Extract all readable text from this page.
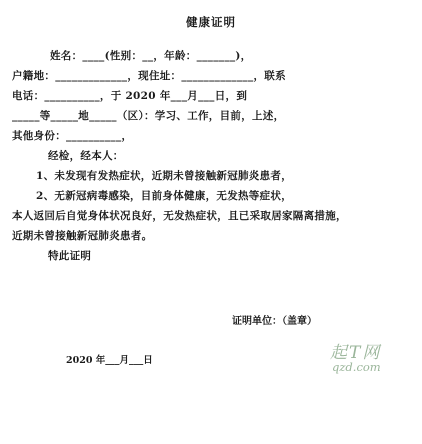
健康证明
姓名：____(性别：__，年龄：_______)，
户籍地：_____________，现住址：_____________，联系
电话：__________，于 2020 年___月___日，到
_____等_____地_____（区）：学习、工作，目前，上述，
其他身份：__________，
经检，经本人：
1、未发现有发热症状，近期未曾接触新冠肺炎患者，
2、无新冠病毒感染，目前身体健康，无发热等症状，
本人返回后自觉身体状况良好，无发热症状，且已采取居家隔离措施，
近期未曾接触新冠肺炎患者。
特此证明
证明单位：（盖章）
2020 年___月___日	起T网
qzd.com
